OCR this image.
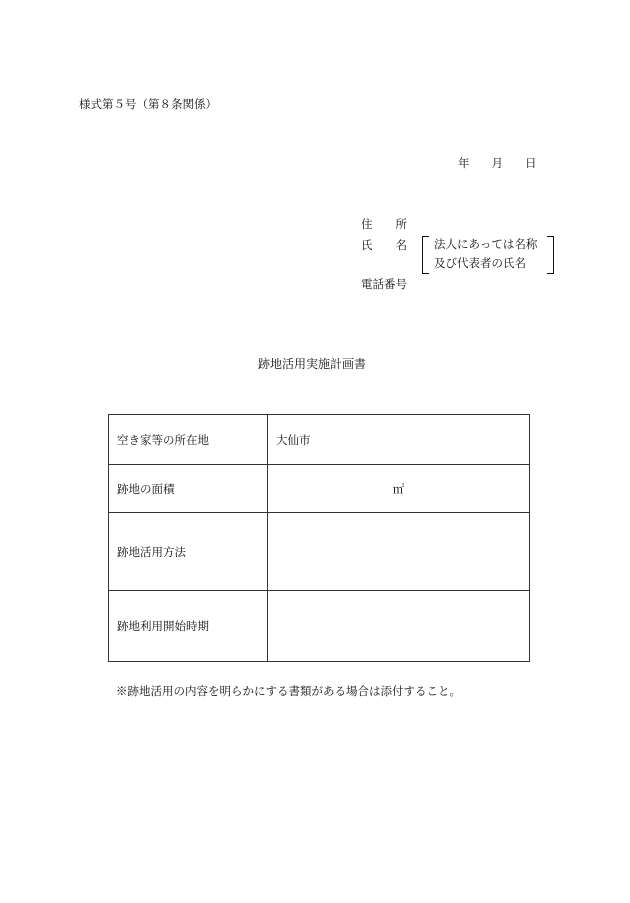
様式第５号（第８条関係）
年 月 日
住　　所
氏　　名 法人にあっては名称
及び代表者の氏名
電話番号
跡地活用実施計画書
空き家等の所在地	大仙市
跡地の面積	㎡
跡地活用方法	
跡地利用開始時期	
※跡地活用の内容を明らかにする書類がある場合は添付すること。
